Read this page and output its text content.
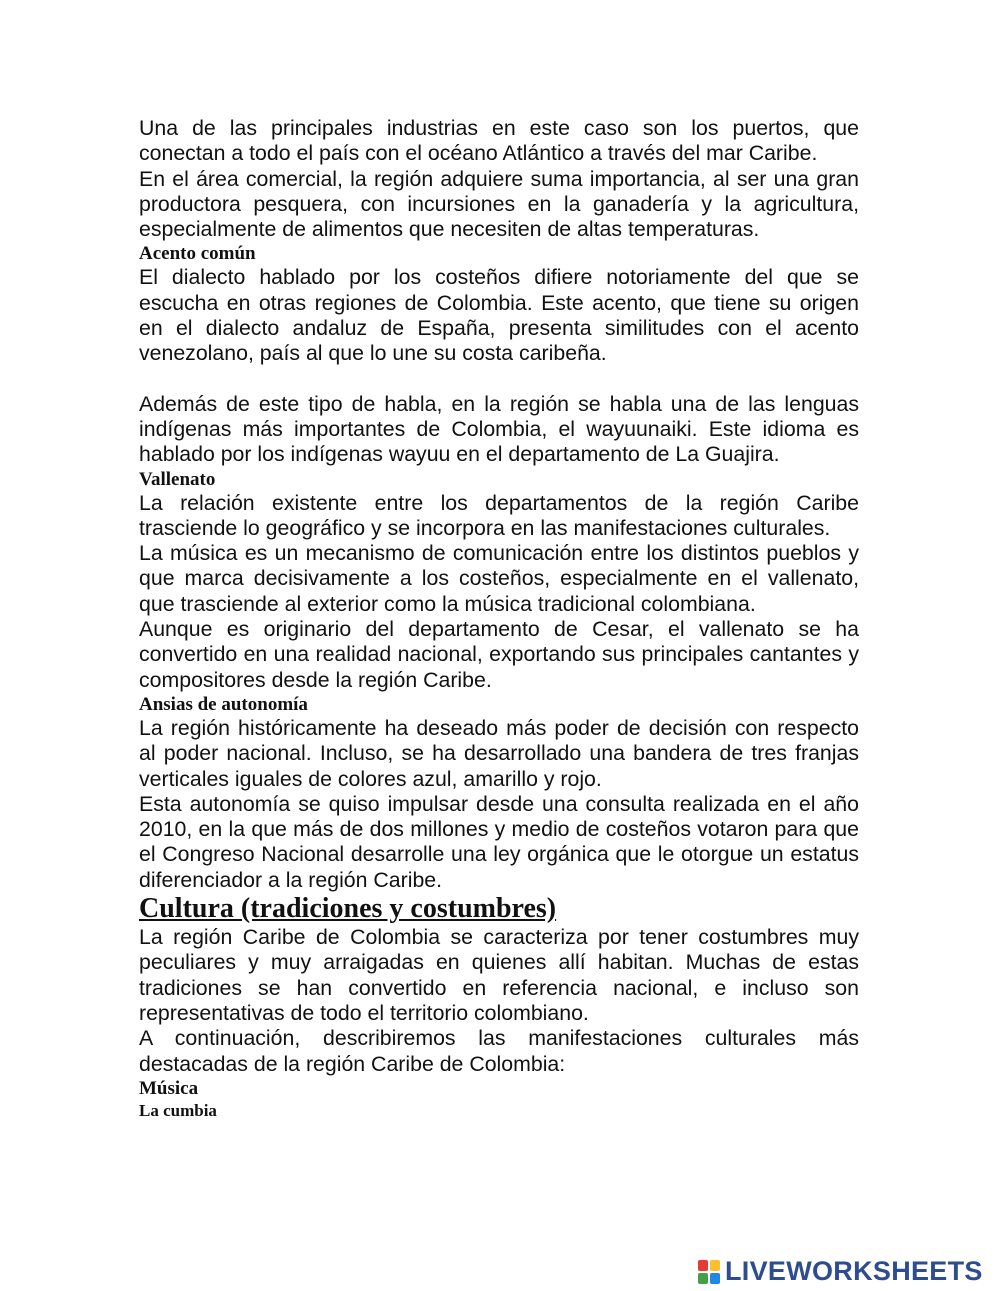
Una de las principales industrias en este caso son los puertos, que conectan a todo el país con el océano Atlántico a través del mar Caribe.

En el área comercial, la región adquiere suma importancia, al ser una gran productora pesquera, con incursiones en la ganadería y la agricultura, especialmente de alimentos que necesiten de altas temperaturas.

Acento común

El dialecto hablado por los costeños difiere notoriamente del que se escucha en otras regiones de Colombia. Este acento, que tiene su origen en el dialecto andaluz de España, presenta similitudes con el acento venezolano, país al que lo une su costa caribeña.

Además de este tipo de habla, en la región se habla una de las lenguas indígenas más importantes de Colombia, el wayuunaiki. Este idioma es hablado por los indígenas wayuu en el departamento de La Guajira.

Vallenato

La relación existente entre los departamentos de la región Caribe trasciende lo geográfico y se incorpora en las manifestaciones culturales.

La música es un mecanismo de comunicación entre los distintos pueblos y que marca decisivamente a los costeños, especialmente en el vallenato, que trasciende al exterior como la música tradicional colombiana.

Aunque es originario del departamento de Cesar, el vallenato se ha convertido en una realidad nacional, exportando sus principales cantantes y compositores desde la región Caribe.

Ansias de autonomía

La región históricamente ha deseado más poder de decisión con respecto al poder nacional. Incluso, se ha desarrollado una bandera de tres franjas verticales iguales de colores azul, amarillo y rojo.

Esta autonomía se quiso impulsar desde una consulta realizada en el año 2010, en la que más de dos millones y medio de costeños votaron para que el Congreso Nacional desarrolle una ley orgánica que le otorgue un estatus diferenciador a la región Caribe.

Cultura (tradiciones y costumbres)

La región Caribe de Colombia se caracteriza por tener costumbres muy peculiares y muy arraigadas en quienes allí habitan. Muchas de estas tradiciones se han convertido en referencia nacional, e incluso son representativas de todo el territorio colombiano.

A continuación, describiremos las manifestaciones culturales más destacadas de la región Caribe de Colombia:

Música
La cumbia
LIVEWORKSHEETS
